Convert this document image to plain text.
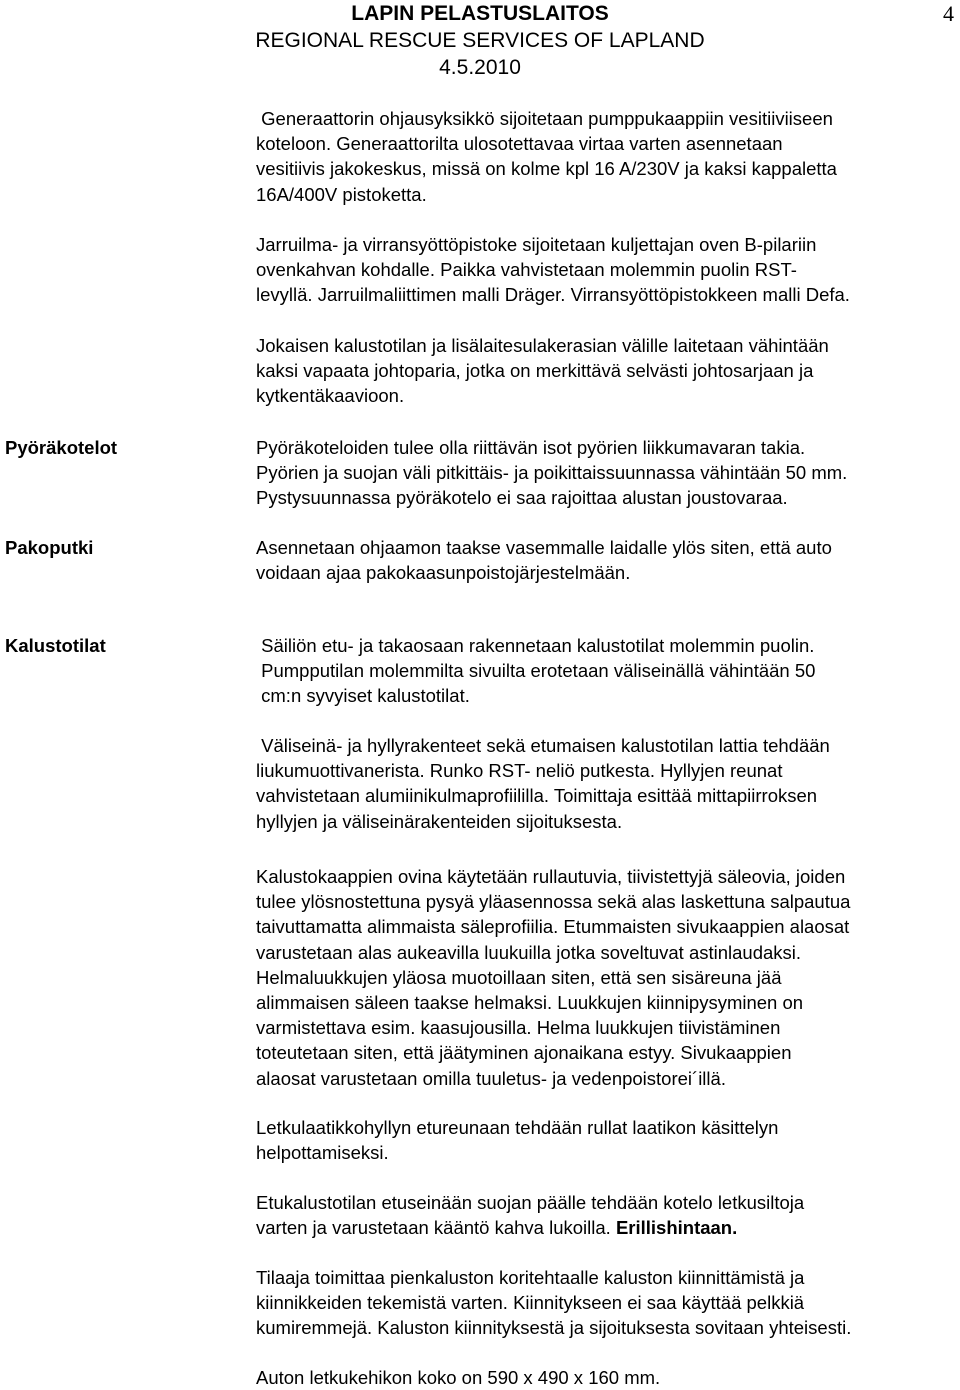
LAPIN PELASTUSLAITOS
REGIONAL RESCUE SERVICES OF LAPLAND
4.5.2010
4
Generaattorin ohjausyksikkö sijoitetaan pumppukaappiin vesitiiviiseen
koteloon. Generaattorilta ulosotettavaa virtaa varten asennetaan
vesitiivis jakokeskus, missä on kolme kpl 16 A/230V ja kaksi kappaletta
16A/400V pistoketta.
Jarruilma- ja virransyöttöpistoke sijoitetaan kuljettajan oven B-pilariin
ovenkahvan kohdalle. Paikka vahvistetaan molemmin puolin RST-
levyllä. Jarruilmaliittimen malli Dräger. Virransyöttöpistokkeen malli Defa.
Jokaisen kalustotilan ja lisälaitesulakerasian välille laitetaan vähintään
kaksi vapaata johtoparia, jotka on merkittävä selvästi johtosarjaan ja
kytkentäkaavioon.
Pyöräkotelot	Pyöräkoteloiden tulee olla riittävän isot pyörien liikkumavaran takia.
Pyörien ja suojan väli pitkittäis- ja poikittaissuunnassa vähintään 50 mm.
Pystysuunnassa pyöräkotelo ei saa rajoittaa alustan joustovaraa.
Pakoputki	Asennetaan ohjaamon taakse vasemmalle laidalle ylös siten, että auto
voidaan ajaa pakokaasunpoistojärjestelmään.
Kalustotilat	Säiliön etu- ja takaosaan rakennetaan kalustotilat molemmin puolin.
Pumpputilan molemmilta sivuilta erotetaan väliseinällä vähintään 50
cm:n syvyiset kalustotilat.
Väliseinä- ja hyllyrakenteet sekä etumaisen kalustotilan lattia tehdään
liukumuottivanerista. Runko RST- neliö putkesta. Hyllyjen reunat
vahvistetaan alumiinikulmaprofiililla. Toimittaja esittää mittapiirroksen
hyllyjen ja väliseinärakenteiden sijoituksesta.
Kalustokaappien ovina käytetään rullautuvia, tiivistettyjä säleovia, joiden
tulee ylösnostettuna pysyä yläasennossa sekä alas laskettuna salpautua
taivuttamatta alimmaista säleprofiilia. Etummaisten sivukaappien alaosat
varustetaan alas aukeavilla luukuilla jotka soveltuvat astinlaudaksi.
Helmaluukkujen yläosa muotoillaan siten, että sen sisäreuna jää
alimmaisen säleen taakse helmaksi. Luukkujen kiinnipysyminen on
varmistettava esim. kaasujousilla. Helma luukkujen tiivistäminen
toteutetaan siten, että jäätyminen ajonaikana estyy. Sivukaappien
alaosat varustetaan omilla tuuletus- ja vedenpoistorei´illä.
Letkulaatikkohyllyn etureunaan tehdään rullat laatikon käsittelyn
helpottamiseksi.
Etukalustotilan etuseinään suojan päälle tehdään kotelo letkusiltoja
varten ja varustetaan kääntö kahva lukoilla. Erillishintaan.
Tilaaja toimittaa pienkaluston koritehtaalle kaluston kiinnittämistä ja
kiinnikkeiden tekemistä varten. Kiinnitykseen ei saa käyttää pelkkiä
kumiremmejä. Kaluston kiinnityksestä ja sijoituksesta sovitaan yhteisesti.
Auton letkukehikon koko on 590 x 490 x 160 mm.
